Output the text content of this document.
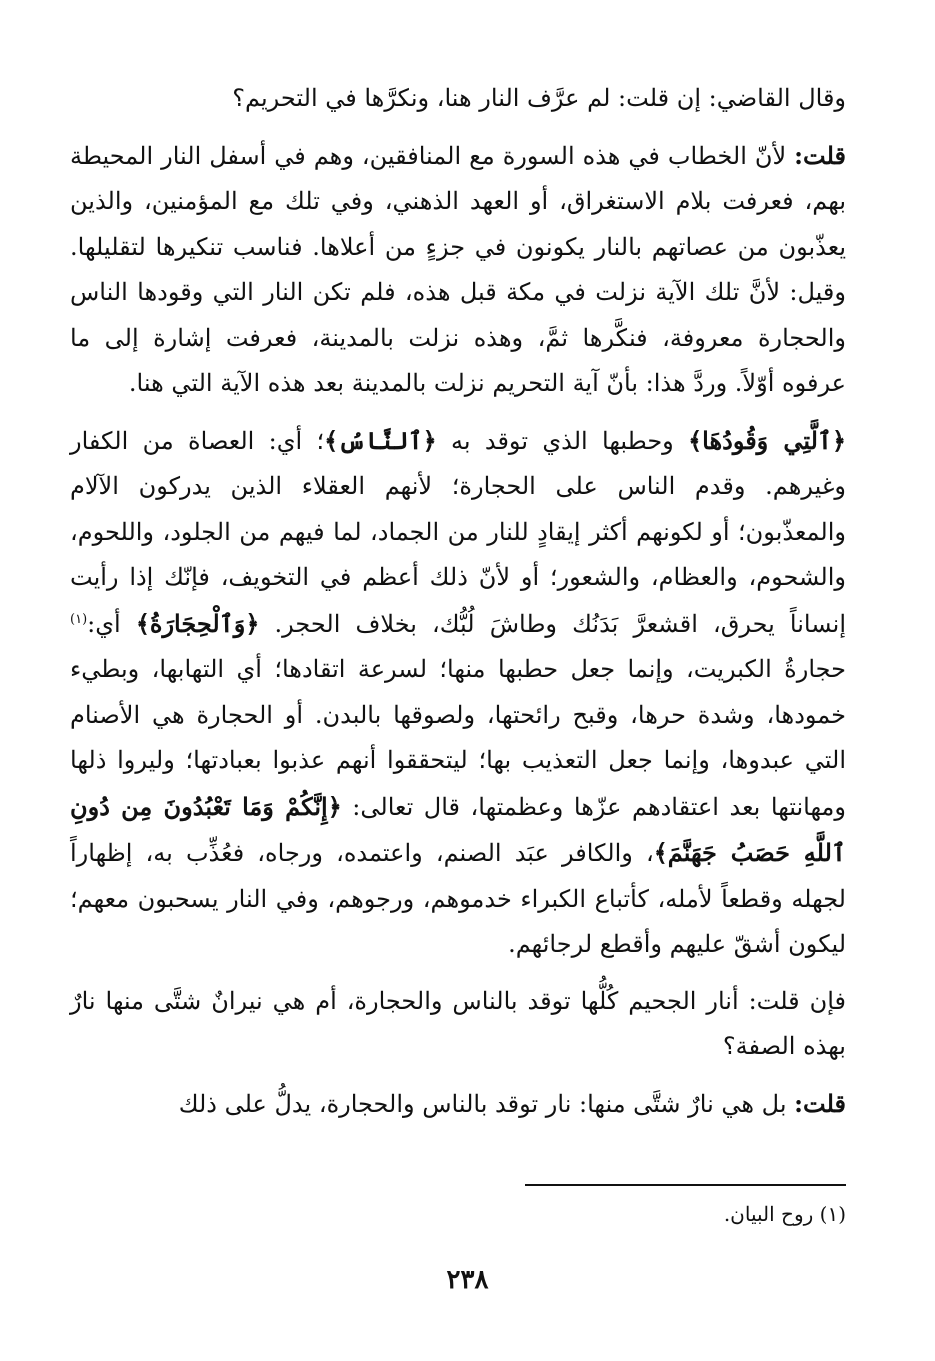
وقال القاضي: إن قلت: لم عرَّف النار هنا، ونكرَّها في التحريم؟

قلت: لأنّ الخطاب في هذه السورة مع المنافقين، وهم في أسفل النار المحيطة بهم، فعرفت بلام الاستغراق، أو العهد الذهني، وفي تلك مع المؤمنين، والذين يعذّبون من عصاتهم بالنار يكونون في جزءٍ من أعلاها. فناسب تنكيرها لتقليلها. وقيل: لأنَّ تلك الآية نزلت في مكة قبل هذه، فلم تكن النار التي وقودها الناس والحجارة معروفة، فنكَّرها ثمَّ، وهذه نزلت بالمدينة، فعرفت إشارة إلى ما عرفوه أوّلاً. وردَّ هذا: بأنّ آية التحريم نزلت بالمدينة بعد هذه الآية التي هنا.

﴿ٱلَّتِي وَقُودُهَا﴾ وحطبها الذي توقد به ﴿ٱلنَّاسُ﴾؛ أي: العصاة من الكفار وغيرهم. وقدم الناس على الحجارة؛ لأنهم العقلاء الذين يدركون الآلام والمعذّبون؛ أو لكونهم أكثر إيقادٍ للنار من الجماد، لما فيهم من الجلود، واللحوم، والشحوم، والعظام، والشعور؛ أو لأنّ ذلك أعظم في التخويف، فإنّك إذا رأيت إنساناً يحرق، اقشعرَّ بَدَنُك وطاشَ لُبُّك، بخلاف الحجر. ﴿وَٱلْحِجَارَةُ﴾ أي:$^{(١)}$ حجارةُ الكبريت، وإنما جعل حطبها منها؛ لسرعة اتقادها؛ أي التهابها، وبطيء خمودها، وشدة حرها، وقبح رائحتها، ولصوقها بالبدن. أو الحجارة هي الأصنام التي عبدوها، وإنما جعل التعذيب بها؛ ليتحققوا أنهم عذبوا بعبادتها؛ وليروا ذلها ومهانتها بعد اعتقادهم عزّها وعظمتها، قال تعالى: ﴿إِنَّكُمْ وَمَا تَعْبُدُونَ مِن دُونِ ٱللَّهِ حَصَبُ جَهَنَّمَ﴾، والكافر عبَد الصنم، واعتمده، ورجاه، فعُذِّب به، إظهاراً لجهله وقطعاً لأمله، كأتباع الكبراء خدموهم، ورجوهم، وفي النار يسحبون معهم؛ ليكون أشقّ عليهم وأقطع لرجائهم.

فإن قلت: أنار الجحيم كُلُّها توقد بالناس والحجارة، أم هي نيرانٌ شتَّى منها نارٌ بهذه الصفة؟

قلت: بل هي نارٌ شتَّى منها: نار توقد بالناس والحجارة، يدلُّ على ذلك

(١) روح البيان.
٢٣٨
